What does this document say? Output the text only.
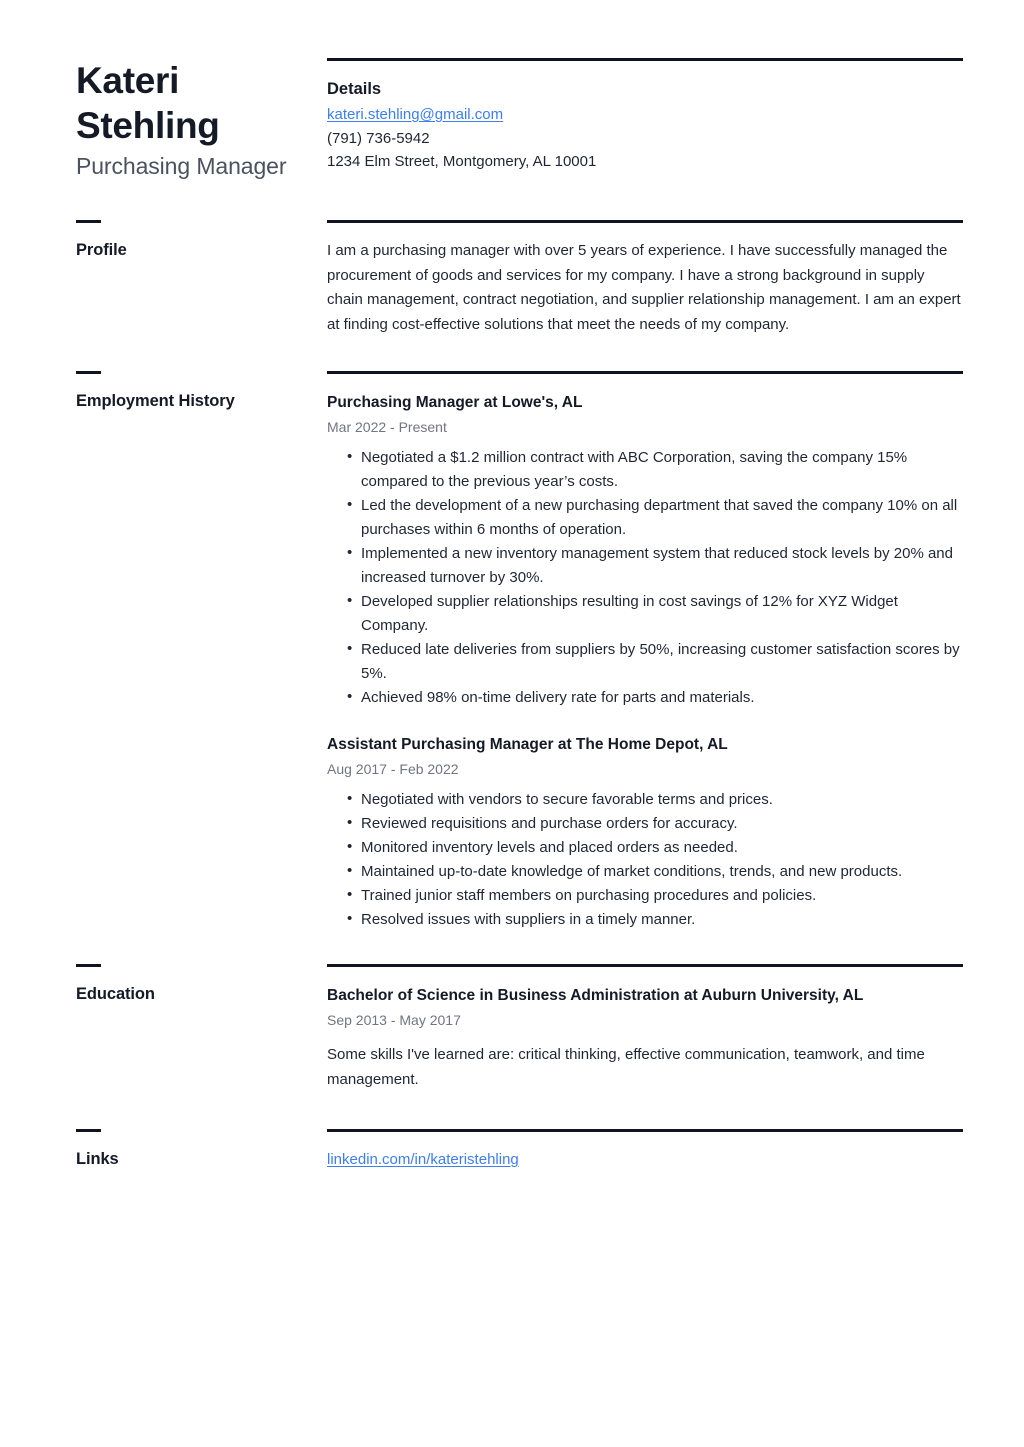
Kateri
Stehling
Purchasing Manager
Details
kateri.stehling@gmail.com
(791) 736-5942
1234 Elm Street, Montgomery, AL 10001
Profile	I am a purchasing manager with over 5 years of experience. I have successfully managed the procurement of goods and services for my company. I have a strong background in supply chain management, contract negotiation, and supplier relationship management. I am an expert at finding cost-effective solutions that meet the needs of my company.

Employment History	Purchasing Manager at Lowe's, AL
Mar 2022 - Present
• Negotiated a $1.2 million contract with ABC Corporation, saving the company 15% compared to the previous year’s costs.
• Led the development of a new purchasing department that saved the company 10% on all purchases within 6 months of operation.
• Implemented a new inventory management system that reduced stock levels by 20% and increased turnover by 30%.
• Developed supplier relationships resulting in cost savings of 12% for XYZ Widget Company.
• Reduced late deliveries from suppliers by 50%, increasing customer satisfaction scores by 5%.
• Achieved 98% on-time delivery rate for parts and materials.
Assistant Purchasing Manager at The Home Depot, AL
Aug 2017 - Feb 2022
• Negotiated with vendors to secure favorable terms and prices.
• Reviewed requisitions and purchase orders for accuracy.
• Monitored inventory levels and placed orders as needed.
• Maintained up-to-date knowledge of market conditions, trends, and new products.
• Trained junior staff members on purchasing procedures and policies.
• Resolved issues with suppliers in a timely manner.
Education	Bachelor of Science in Business Administration at Auburn University, AL
Sep 2013 - May 2017

Some skills I've learned are: critical thinking, effective communication, teamwork, and time management.

Links	linkedin.com/in/kateristehling
